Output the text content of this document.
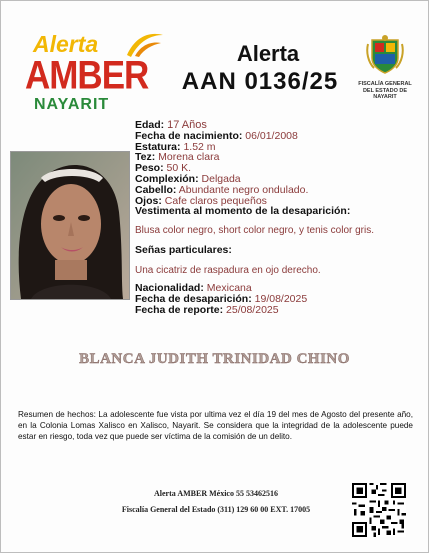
Alerta
AMBER
NAYARIT
Alerta
AAN 0136/25	FISCALÍA GENERAL DEL ESTADO DE NAYARIT
Edad: 17 Años
Fecha de nacimiento: 06/01/2008
Estatura: 1.52 m
Tez: Morena clara
Peso: 50 K.
Complexión: Delgada
Cabello: Abundante negro ondulado.
Ojos: Cafe claros pequeños
Vestimenta al momento de la desaparición:
Blusa color negro, short color negro, y tenis color gris.
Señas particulares:
Una cicatriz de raspadura en ojo derecho.
Nacionalidad: Mexicana
Fecha de desaparición: 19/08/2025
Fecha de reporte: 25/08/2025
BLANCA JUDITH TRINIDAD CHINO
Resumen de hechos: La adolescente fue vista por ultima vez el día 19 del mes de Agosto del presente año, en la Colonia Lomas Xalisco en Xalisco, Nayarit. Se considera que la integridad de la adolescente puede estar en riesgo, toda vez que puede ser víctima de la comisión de un delito.
Alerta AMBER México 55 53462516
Fiscalía General del Estado (311) 129 60 00 EXT. 17005
